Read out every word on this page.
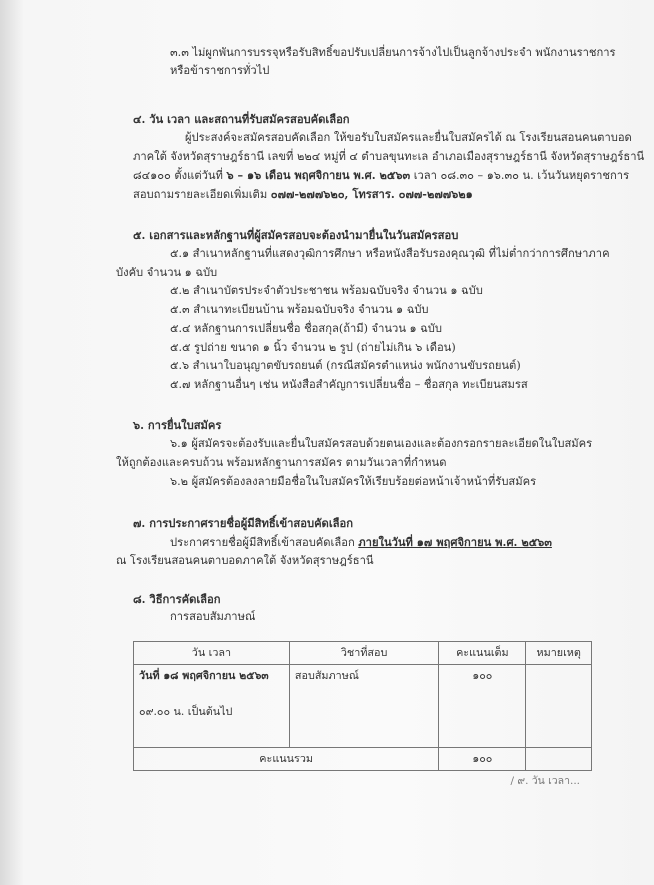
๓.๓ ไม่ผูกพันการบรรจุหรือรับสิทธิ์ขอปรับเปลี่ยนการจ้างไปเป็นลูกจ้างประจำ พนักงานราชการ
หรือข้าราชการทั่วไป
๔. วัน เวลา และสถานที่รับสมัครสอบคัดเลือก
ผู้ประสงค์จะสมัครสอบคัดเลือก ให้ขอรับใบสมัครและยื่นใบสมัครได้ ณ โรงเรียนสอนคนตาบอด
ภาคใต้ จังหวัดสุราษฎร์ธานี เลขที่ ๒๒๔ หมู่ที่ ๔ ตำบลขุนทะเล อำเภอเมืองสุราษฎร์ธานี จังหวัดสุราษฎร์ธานี
๘๔๑๐๐ ตั้งแต่วันที่ ๖ – ๑๖ เดือน พฤศจิกายน พ.ศ. ๒๕๖๓ เวลา ๐๘.๓๐ – ๑๖.๓๐ น. เว้นวันหยุดราชการ
สอบถามรายละเอียดเพิ่มเติม ๐๗๗-๒๗๗๖๒๐, โทรสาร. ๐๗๗-๒๗๗๖๒๑
๕. เอกสารและหลักฐานที่ผู้สมัครสอบจะต้องนำมายื่นในวันสมัครสอบ
๕.๑ สำเนาหลักฐานที่แสดงวุฒิการศึกษา หรือหนังสือรับรองคุณวุฒิ ที่ไม่ต่ำกว่าการศึกษาภาค
บังคับ จำนวน ๑ ฉบับ
๕.๒ สำเนาบัตรประจำตัวประชาชน พร้อมฉบับจริง จำนวน ๑ ฉบับ
๕.๓ สำเนาทะเบียนบ้าน พร้อมฉบับจริง จำนวน ๑ ฉบับ
๕.๔ หลักฐานการเปลี่ยนชื่อ ชื่อสกุล(ถ้ามี) จำนวน ๑ ฉบับ
๕.๕ รูปถ่าย ขนาด ๑ นิ้ว จำนวน ๒ รูป (ถ่ายไม่เกิน ๖ เดือน)
๕.๖ สำเนาใบอนุญาตขับรถยนต์ (กรณีสมัครตำแหน่ง พนักงานขับรถยนต์)
๕.๗ หลักฐานอื่นๆ เช่น หนังสือสำคัญการเปลี่ยนชื่อ – ชื่อสกุล ทะเบียนสมรส
๖. การยื่นใบสมัคร
๖.๑ ผู้สมัครจะต้องรับและยื่นใบสมัครสอบด้วยตนเองและต้องกรอกรายละเอียดในใบสมัคร
ให้ถูกต้องและครบถ้วน พร้อมหลักฐานการสมัคร ตามวันเวลาที่กำหนด
๖.๒ ผู้สมัครต้องลงลายมือชื่อในใบสมัครให้เรียบร้อยต่อหน้าเจ้าหน้าที่รับสมัคร
๗. การประกาศรายชื่อผู้มีสิทธิ์เข้าสอบคัดเลือก
ประกาศรายชื่อผู้มีสิทธิ์เข้าสอบคัดเลือก ภายในวันที่ ๑๗ พฤศจิกายน พ.ศ. ๒๕๖๓
ณ โรงเรียนสอนคนตาบอดภาคใต้ จังหวัดสุราษฎร์ธานี
๘. วิธีการคัดเลือก
การสอบสัมภาษณ์
วัน เวลา	วิชาที่สอบ	คะแนนเต็ม	หมายเหตุ

วันที่ ๑๘ พฤศจิกายน ๒๕๖๓
๐๙.๐๐ น. เป็นต้นไป	สอบสัมภาษณ์	๑๐๐	
คะแนนรวม		๑๐๐	
/ ๙. วัน เวลา...
